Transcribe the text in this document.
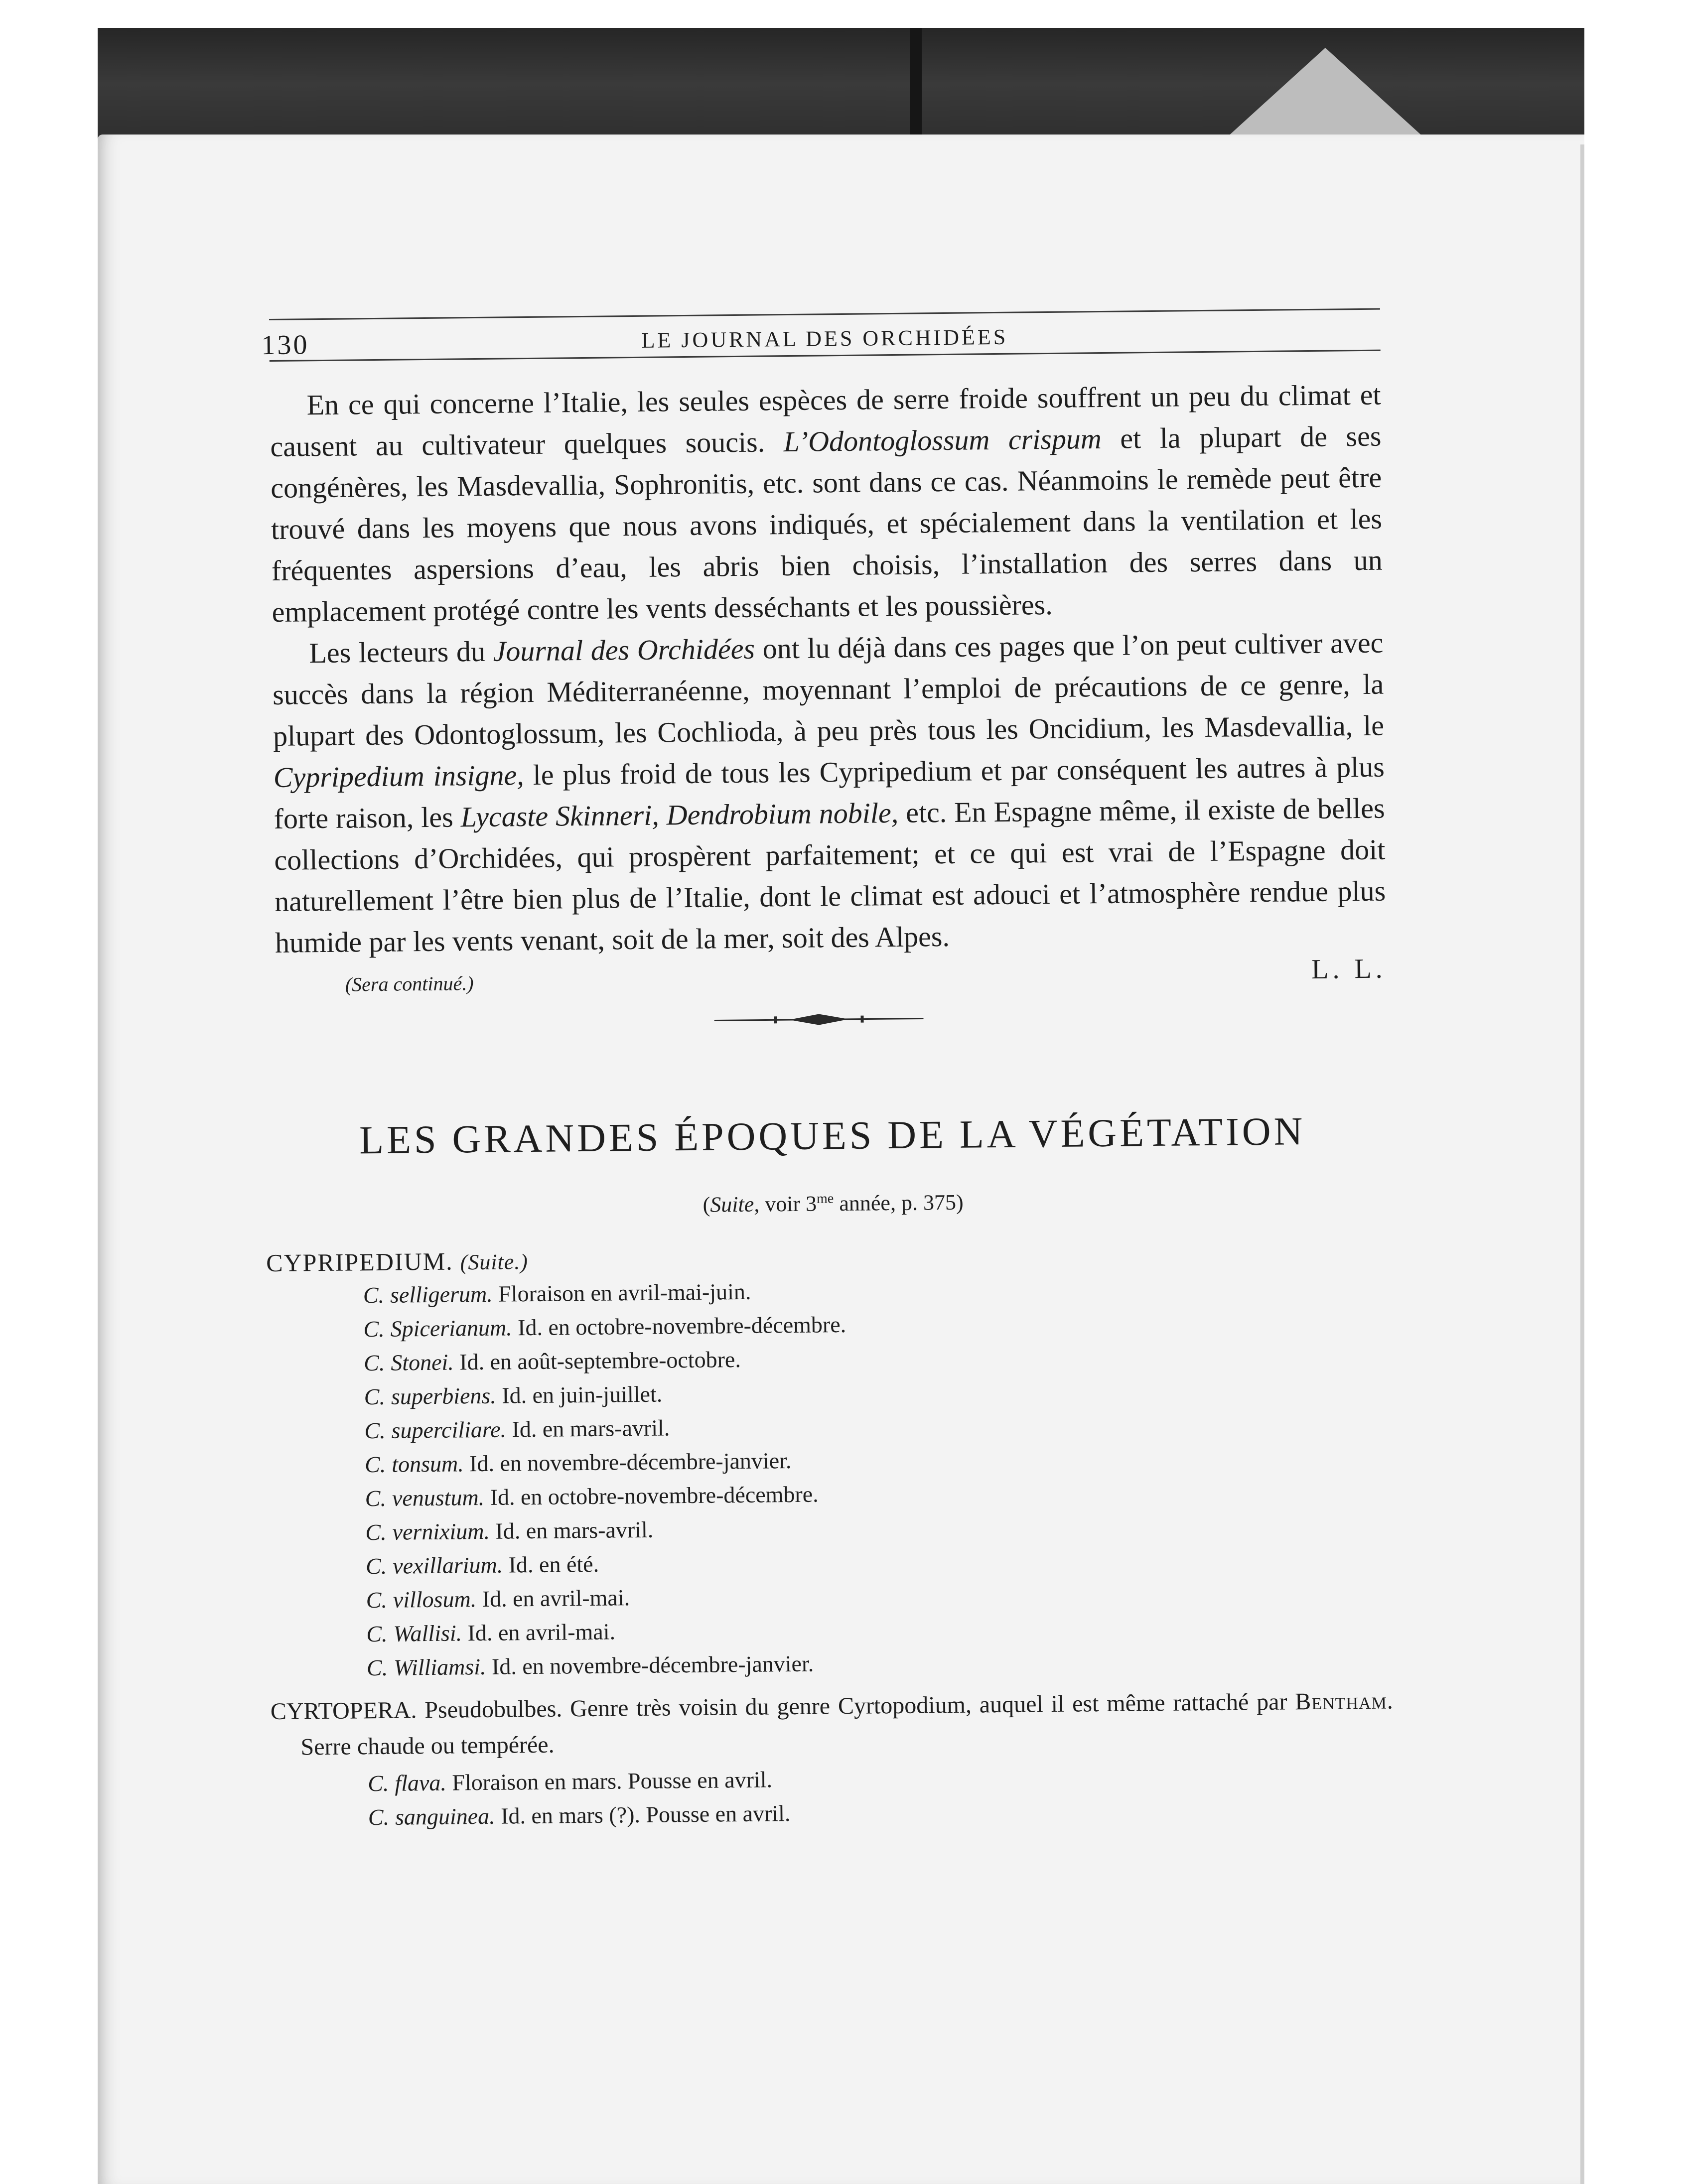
130	LE JOURNAL DES ORCHIDÉES

En ce qui concerne l’Italie, les seules espèces de serre froide souffrent un peu du climat et causent au cultivateur quelques soucis. L’Odontoglossum crispum et la plupart de ses congénères, les Masdevallia, Sophronitis, etc. sont dans ce cas. Néanmoins le remède peut être trouvé dans les moyens que nous avons indiqués, et spécialement dans la ventilation et les fréquentes aspersions d’eau, les abris bien choisis, l’installation des serres dans un emplacement protégé contre les vents desséchants et les poussières.

Les lecteurs du Journal des Orchidées ont lu déjà dans ces pages que l’on peut cultiver avec succès dans la région Méditerranéenne, moyennant l’emploi de précautions de ce genre, la plupart des Odontoglossum, les Cochlioda, à peu près tous les Oncidium, les Masdevallia, le Cypripedium insigne, le plus froid de tous les Cypripedium et par conséquent les autres à plus forte raison, les Lycaste Skinneri, Dendrobium nobile, etc. En Espagne même, il existe de belles collections d’Orchidées, qui prospèrent parfaitement; et ce qui est vrai de l’Espagne doit naturellement l’être bien plus de l’Italie, dont le climat est adouci et l’atmosphère rendue plus humide par les vents venant, soit de la mer, soit des Alpes.

(Sera continué.)	L. L.
LES GRANDES ÉPOQUES DE LA VÉGÉTATION
(Suite, voir $3^{me}$ année, p. 375)
CYPRIPEDIUM. (Suite.)
C. selligerum. Floraison en avril-mai-juin.
C. Spicerianum. Id. en octobre-novembre-décembre.
C. Stonei. Id. en août-septembre-octobre.
C. superbiens. Id. en juin-juillet.
C. superciliare. Id. en mars-avril.
C. tonsum. Id. en novembre-décembre-janvier.
C. venustum. Id. en octobre-novembre-décembre.
C. vernixium. Id. en mars-avril.
C. vexillarium. Id. en été.
C. villosum. Id. en avril-mai.
C. Wallisi. Id. en avril-mai.
C. Williamsi. Id. en novembre-décembre-janvier.
CYRTOPERA. Pseudobulbes. Genre très voisin du genre Cyrtopodium, auquel il est même rattaché par Bentham. Serre chaude ou tempérée.
C. flava. Floraison en mars. Pousse en avril.
C. sanguinea. Id. en mars (?). Pousse en avril.
